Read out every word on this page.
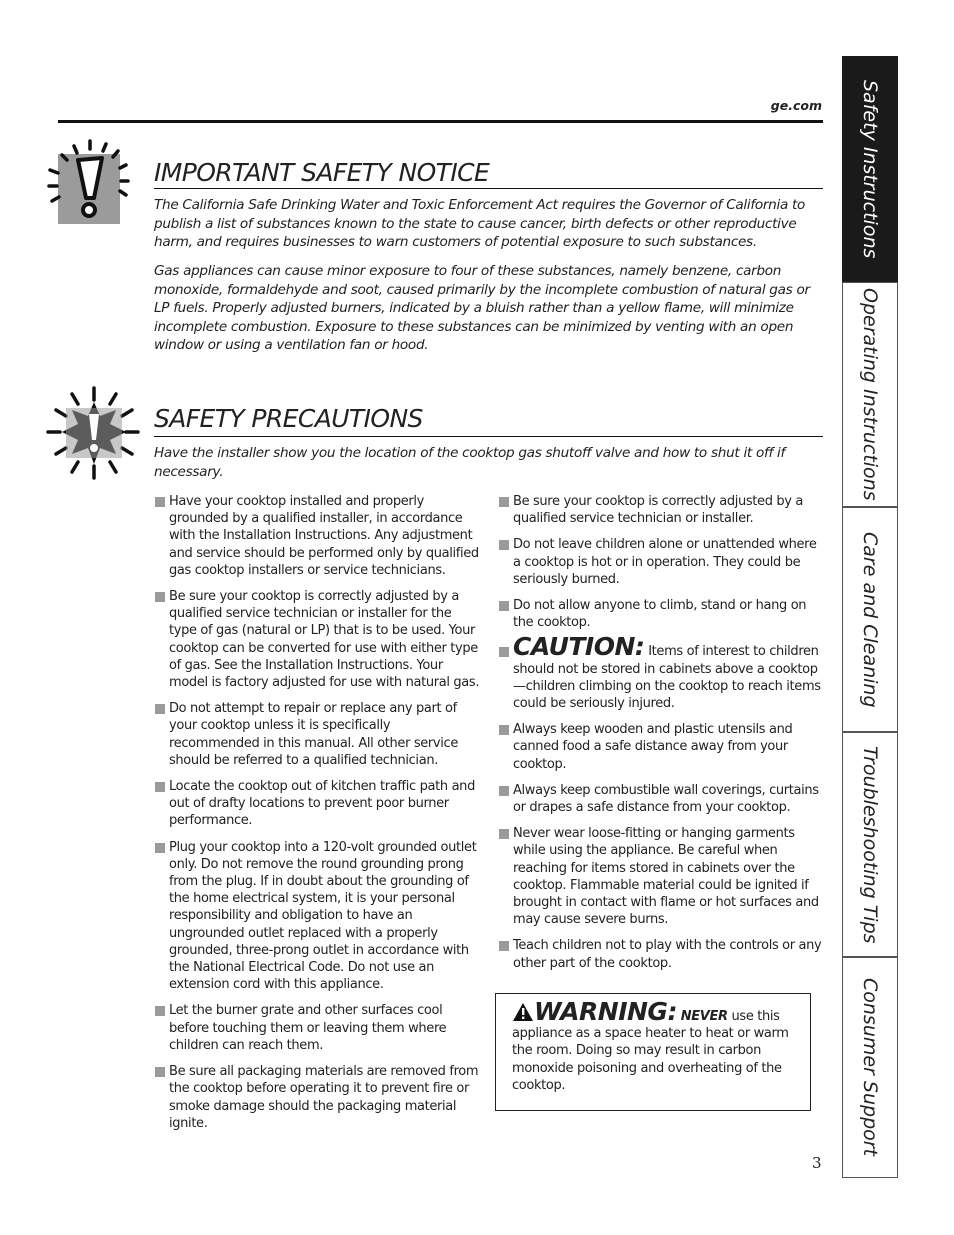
ge.com
IMPORTANT SAFETY NOTICE

The California Safe Drinking Water and Toxic Enforcement Act requires the Governor of California to publish a list of substances known to the state to cause cancer, birth defects or other reproductive harm, and requires businesses to warn customers of potential exposure to such substances.

Gas appliances can cause minor exposure to four of these substances, namely benzene, carbon monoxide, formaldehyde and soot, caused primarily by the incomplete combustion of natural gas or LP fuels. Properly adjusted burners, indicated by a bluish rather than a yellow flame, will minimize incomplete combustion. Exposure to these substances can be minimized by venting with an open window or using a ventilation fan or hood.

SAFETY PRECAUTIONS

Have the installer show you the location of the cooktop gas shutoff valve and how to shut it off if necessary.

Have your cooktop installed and properly grounded by a qualified installer, in accordance with the Installation Instructions. Any adjustment and service should be performed only by qualified gas cooktop installers or service technicians.
Be sure your cooktop is correctly adjusted by a qualified service technician or installer for the type of gas (natural or LP) that is to be used. Your cooktop can be converted for use with either type of gas. See the Installation Instructions. Your model is factory adjusted for use with natural gas.
Do not attempt to repair or replace any part of your cooktop unless it is specifically recommended in this manual. All other service should be referred to a qualified technician.
Locate the cooktop out of kitchen traffic path and out of drafty locations to prevent poor burner performance.
Plug your cooktop into a 120-volt grounded outlet only. Do not remove the round grounding prong from the plug. If in doubt about the grounding of the home electrical system, it is your personal responsibility and obligation to have an ungrounded outlet replaced with a properly grounded, three-prong outlet in accordance with the National Electrical Code. Do not use an extension cord with this appliance.
Let the burner grate and other surfaces cool before touching them or leaving them where children can reach them.
Be sure all packaging materials are removed from the cooktop before operating it to prevent fire or smoke damage should the packaging material ignite.
Be sure your cooktop is correctly adjusted by a qualified service technician or installer.
Do not leave children alone or unattended where a cooktop is hot or in operation. They could be seriously burned.
Do not allow anyone to climb, stand or hang on the cooktop.
CAUTION: Items of interest to children should not be stored in cabinets above a cooktop—children climbing on the cooktop to reach items could be seriously injured.
Always keep wooden and plastic utensils and canned food a safe distance away from your cooktop.
Always keep combustible wall coverings, curtains or drapes a safe distance from your cooktop.
Never wear loose-fitting or hanging garments while using the appliance. Be careful when reaching for items stored in cabinets over the cooktop. Flammable material could be ignited if brought in contact with flame or hot surfaces and may cause severe burns.
Teach children not to play with the controls or any other part of the cooktop.
WARNING: NEVER use this appliance as a space heater to heat or warm the room. Doing so may result in carbon monoxide poisoning and overheating of the cooktop.
Safety Instructions
Operating Instructions
Care and Cleaning
Troubleshooting Tips
Consumer Support
3
